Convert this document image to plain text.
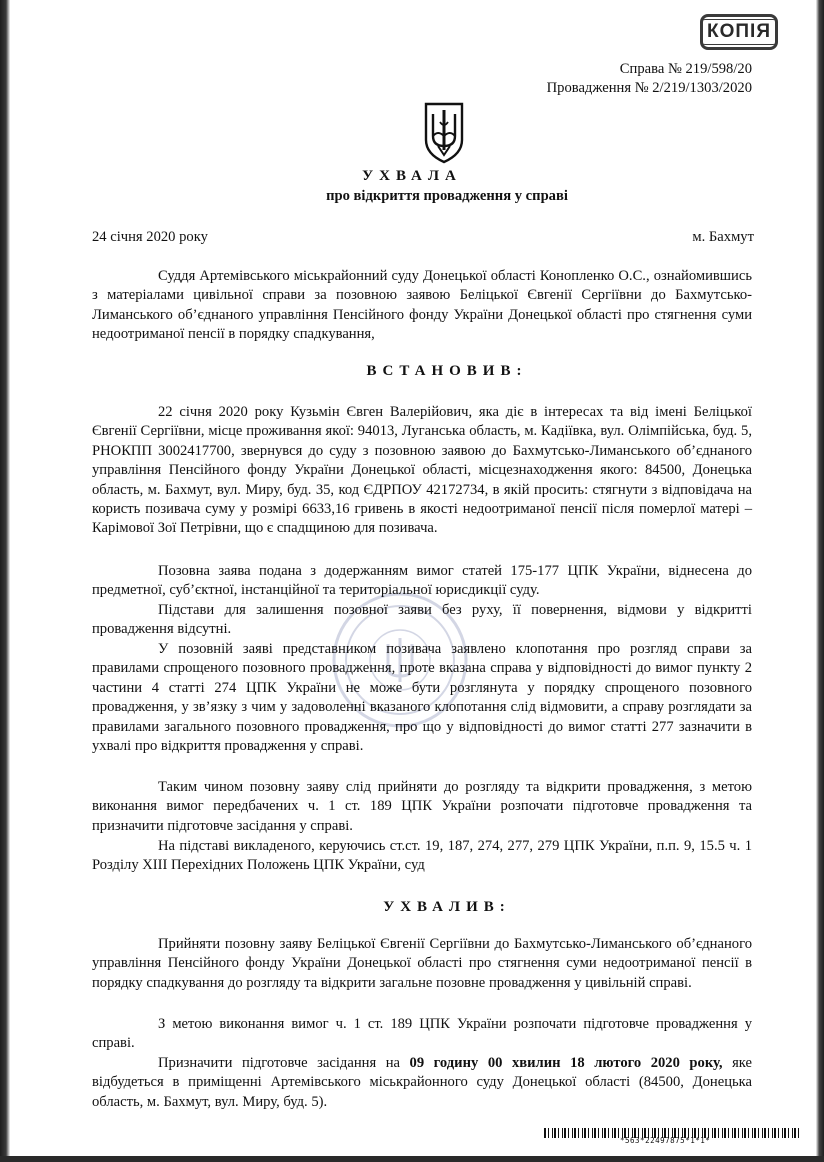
КОПІЯ
Справа № 219/598/20
Провадження № 2/219/1303/2020
УХВАЛА
про відкриття провадження у справі
24 січня 2020 року	м. Бахмут

Суддя Артемівського міськрайонний суду Донецької області Конопленко О.С., ознайомившись з матеріалами цивільної справи за позовною заявою Беліцької Євгенії Сергіївни до Бахмутсько-Лиманського об’єднаного управління Пенсійного фонду України Донецької області про стягнення суми недоотриманої пенсії в порядку спадкування,

ВСТАНОВИВ:

22 січня 2020 року Кузьмін Євген Валерійович, яка діє в інтересах та від імені Беліцької Євгенії Сергіївни, місце проживання якої: 94013, Луганська область, м. Кадіївка, вул. Олімпійська, буд. 5, РНОКПП 3002417700, звернувся до суду з позовною заявою до Бахмутсько-Лиманського об’єднаного управління Пенсійного фонду України Донецької області, місцезнаходження якого: 84500, Донецька область, м. Бахмут, вул. Миру, буд. 35, код ЄДРПОУ 42172734, в якій просить: стягнути з відповідача на користь позивача суму у розмірі 6633,16 гривень в якості недоотриманої пенсії після померлої матері – Карімової Зої Петрівни, що є спадщиною для позивача.

Позовна заява подана з додержанням вимог статей 175-177 ЦПК України, віднесена до предметної, суб’єктної, інстанційної та територіальної юрисдикції суду.

Підстави для залишення позовної заяви без руху, її повернення, відмови у відкритті провадження відсутні.

У позовній заяві представником позивача заявлено клопотання про розгляд справи за правилами спрощеного позовного провадження, проте вказана справа у відповідності до вимог пункту 2 частини 4 статті 274 ЦПК України не може бути розглянута у порядку спрощеного позовного провадження, у зв’язку з чим у задоволенні вказаного клопотання слід відмовити, а справу розглядати за правилами загального позовного провадження, про що у відповідності до вимог статті 277 зазначити в ухвалі про відкриття провадження у справі.

Таким чином позовну заяву слід прийняти до розгляду та відкрити провадження, з метою виконання вимог передбачених ч. 1 ст. 189 ЦПК України розпочати підготовче провадження та призначити підготовче засідання у справі.

На підставі викладеного, керуючись ст.ст. 19, 187, 274, 277, 279 ЦПК України, п.п. 9, 15.5 ч. 1 Розділу XIII Перехідних Положень ЦПК України, суд

УХВАЛИВ:

Прийняти позовну заяву Беліцької Євгенії Сергіївни до Бахмутсько-Лиманського об’єднаного управління Пенсійного фонду України Донецької області про стягнення суми недоотриманої пенсії в порядку спадкування до розгляду та відкрити загальне позовне провадження у цивільній справі.

З метою виконання вимог ч. 1 ст. 189 ЦПК України розпочати підготовче провадження у справі.

Призначити підготовче засідання на 09 годину 00 хвилин 18 лютого 2020 року, яке відбудеться в приміщенні Артемівського міськрайонного суду Донецької області (84500, Донецька область, м. Бахмут, вул. Миру, буд. 5).

*563*22497875*1*1*
